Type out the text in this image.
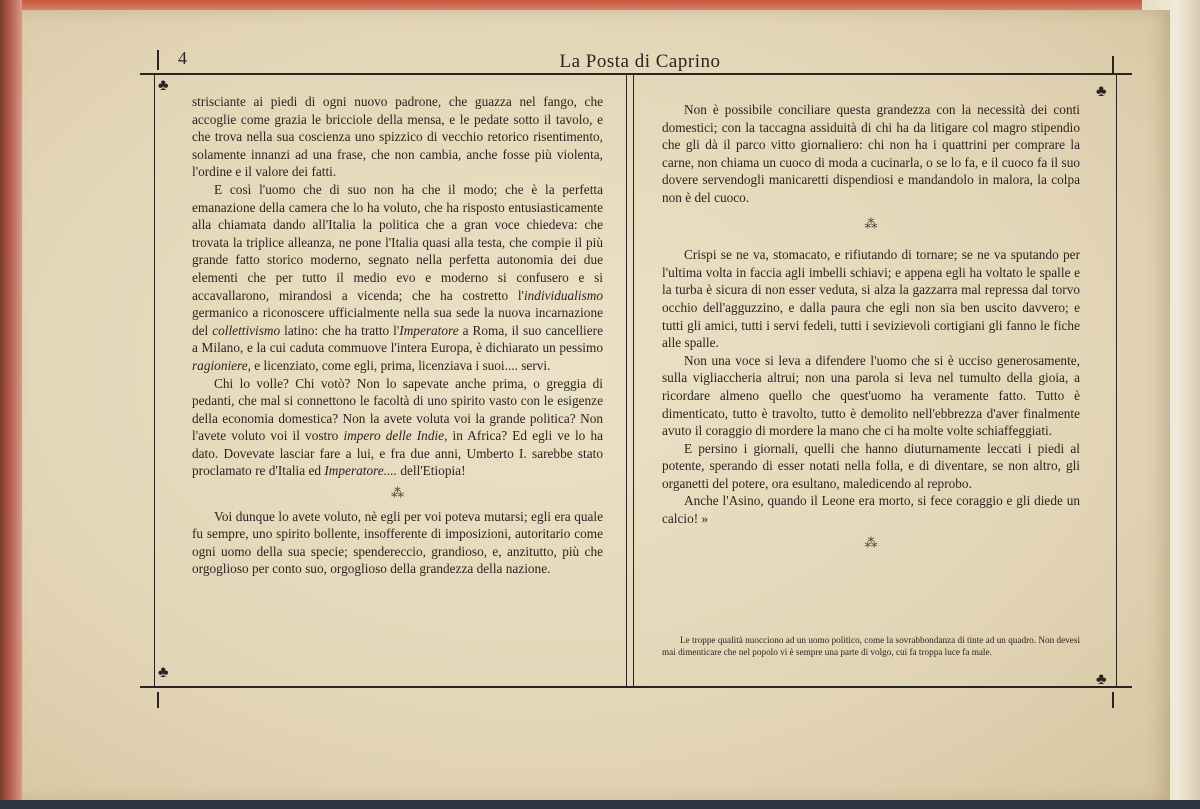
4	La Posta di Caprino
♣	♣
♣	♣

strisciante ai piedi di ogni nuovo padrone, che guazza nel fango, che accoglie come grazia le bricciole della mensa, e le pedate sotto il tavolo, e che trova nella sua coscienza uno spizzico di vecchio retorico risentimento, solamente innanzi ad una frase, che non cambia, anche fosse più violenta, l'ordine e il valore dei fatti.

E così l'uomo che di suo non ha che il modo; che è la perfetta emanazione della camera che lo ha voluto, che ha risposto entusiasticamente alla chiamata dando all'Italia la politica che a gran voce chiedeva: che trovata la triplice alleanza, ne pone l'Italia quasi alla testa, che compie il più grande fatto storico moderno, segnato nella perfetta autonomia dei due elementi che per tutto il medio evo e moderno si confusero e si accavallarono, mirandosi a vicenda; che ha costretto l'individualismo germanico a riconoscere ufficialmente nella sua sede la nuova incarnazione del collettivismo latino: che ha tratto l'Imperatore a Roma, il suo cancelliere a Milano, e la cui caduta commuove l'intera Europa, è dichiarato un pessimo ragioniere, e licenziato, come egli, prima, licenziava i suoi.... servi.

Chi lo volle? Chi votò? Non lo sapevate anche prima, o greggia di pedanti, che mal si connettono le facoltà di uno spirito vasto con le esigenze della economia domestica? Non la avete voluta voi la grande politica? Non l'avete voluto voi il vostro impero delle Indie, in Africa? Ed egli ve lo ha dato. Dovevate lasciar fare a lui, e fra due anni, Umberto I. sarebbe stato proclamato re d'Italia ed Imperatore.... dell'Etiopia!

⁂

Voi dunque lo avete voluto, nè egli per voi poteva mutarsi; egli era quale fu sempre, uno spirito bollente, insofferente di imposizioni, autoritario come ogni uomo della sua specie; spendereccio, grandioso, e, anzitutto, più che orgoglioso per conto suo, orgoglioso della grandezza della nazione.

Non è possibile conciliare questa grandezza con la necessità dei conti domestici; con la taccagna assiduità di chi ha da litigare col magro stipendio che gli dà il parco vitto giornaliero: chi non ha i quattrini per comprare la carne, non chiama un cuoco di moda a cucinarla, o se lo fa, e il cuoco fa il suo dovere servendogli manicaretti dispendiosi e mandandolo in malora, la colpa non è del cuoco.

⁂

Crispi se ne va, stomacato, e rifiutando di tornare; se ne va sputando per l'ultima volta in faccia agli imbelli schiavi; e appena egli ha voltato le spalle e la turba è sicura di non esser veduta, si alza la gazzarra mal repressa dal torvo occhio dell'agguzzino, e dalla paura che egli non sia ben uscito davvero; e tutti gli amici, tutti i servi fedeli, tutti i sevizievoli cortigiani gli fanno le fiche alle spalle.

Non una voce si leva a difendere l'uomo che si è ucciso generosamente, sulla vigliaccheria altrui; non una parola si leva nel tumulto della gioia, a ricordare almeno quello che quest'uomo ha veramente fatto. Tutto è dimenticato, tutto è travolto, tutto è demolito nell'ebbrezza d'aver finalmente avuto il coraggio di mordere la mano che ci ha molte volte schiaffeggiati.

E persino i giornali, quelli che hanno diuturnamente leccati i piedi al potente, sperando di esser notati nella folla, e di diventare, se non altro, gli organetti del potere, ora esultano, maledicendo al reprobo.

Anche l'Asino, quando il Leone era morto, si fece coraggio e gli diede un calcio! »

⁂
Le troppe qualità nuocciono ad un uomo politico, come la sovrabbondanza di tinte ad un quadro. Non devesi mai dimenticare che nel popolo vi è sempre una parte di volgo, cui fa troppa luce fa male.
